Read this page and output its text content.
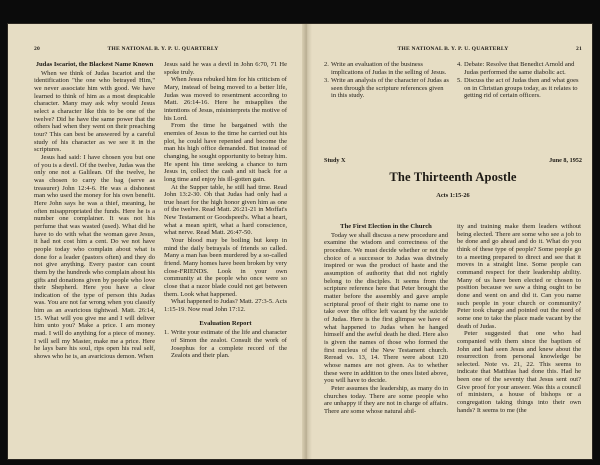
20	THE NATIONAL B. Y. P. U. QUARTERLY
Judas Iscariot, the Blackest Name Known

When we think of Judas Iscariot and the identification "the one who betrayed Him," we never associate him with good. We have learned to think of him as a most despicable character. Many may ask why would Jesus select a character like this to be one of the twelve? Did he have the same power that the others had when they went on their preaching tour? This can best be answered by a careful study of his character as we see it in the scriptures.

Jesus had said: I have chosen you but one of you is a devil. Of the twelve, Judas was the only one not a Galilean. Of the twelve, he was chosen to carry the bag (serve as treasurer) John 12:4-6. He was a dishonest man who used the money for his own benefit. Here John says he was a thief, meaning, he often misappropriated the funds. Here he is a number one complainer. It was not his perfume that was wasted (used). What did he have to do with what the woman gave Jesus, it had not cost him a cent. Do we not have people today who complain about what is done for a leader (pastors often) and they do not give anything. Every pastor can count them by the hundreds who complain about his gifts and donations given by people who love their Shepherd. Here you have a clear indication of the type of person this Judas was. You are not far wrong when you classify him as an avaricious tightwad. Matt. 26:14, 15. What will you give me and I will deliver him unto you? Make a price. I am money mad. I will do anything for a piece of money. I will sell my Master, make me a price. Here he lays bare his soul, rips open his real self, shows who he is, an avaricious demon. When

Jesus said he was a devil in John 6:70, 71 He spoke truly.

When Jesus rebuked him for his criticism of Mary, instead of being moved to a better life, Judas was moved to resentment according to Matt. 26:14-16. Here he misapplies the intentions of Jesus, misinterprets the motive of his Lord.

From the time he bargained with the enemies of Jesus to the time he carried out his plot, he could have repented and become the man his high office demanded. But instead of changing, he sought opportunity to betray him. He spent his time seeking a chance to turn Jesus in, collect the cash and sit back for a long time and enjoy his ill-gotten gain.

At the Supper table, he still had time. Read John 13:2-30. Oh that Judas had only had a true heart for the high honor given him as one of the twelve. Read Matt. 26:21-21 in Moffat's New Testament or Goodspeed's. What a heart, what a mean spirit, what a hard conscience, what nerve. Read Matt. 26:47-50.

Your blood may be boiling but keep in mind the daily betrayals of friends so called. Many a man has been murdered by a so-called friend. Many homes have been broken by very close-FRIENDS. Look in your own community at the people who once were so close that a razor blade could not get between them. Look what happened.

What happened to Judas? Matt. 27:3-5. Acts 1:15-19. Now read John 17:12.

Evaluation Report
1. Write your estimate of the life and character of Simon the zealot. Consult the work of Josephus for a complete record of the Zealots and their plan.
THE NATIONAL B. Y. P. U. QUARTERLY	21
2. Write an evaluation of the business implications of Judas in the selling of Jesus.
3. Write an analysis of the character of Judas as seen through the scripture references given in this study.
4. Debate: Resolve that Benedict Arnold and Judas performed the same diabolic act.
5. Discuss the act of Judas then and what goes on in Christian groups today, as it relates to getting rid of certain officers.
Study X	June 8, 1952
The Thirteenth Apostle
Acts 1:15-26
The First Election in the Church

Today we shall discuss a new procedure and examine the wisdom and correctness of the procedure. We must decide whether or not the choice of a successor to Judas was divinely inspired or was the product of haste and the assumption of authority that did not rightly belong to the disciples. It seems from the scripture reference here that Peter brought the matter before the assembly and gave ample scriptural proof of their right to name one to take over the office left vacant by the suicide of Judas. Here is the first glimpse we have of what happened to Judas when he hanged himself and the awful death he died. Here also is given the names of those who formed the first nucleus of the New Testament church. Reread vs. 13, 14. There were about 120 whose names are not given. As to whether these were in addition to the ones listed above, you will have to decide.

Peter assumes the leadership, as many do in churches today. There are some people who are unhappy if they are not in charge of affairs. There are some whose natural abil-

ity and training make them leaders without being elected. There are some who see a job to be done and go ahead and do it. What do you think of these type of people? Some people go to a meeting prepared to direct and see that it moves in a straight line. Some people can command respect for their leadership ability. Many of us have been elected or chosen to position because we saw a thing ought to be done and went on and did it. Can you name such people in your church or community? Peter took charge and pointed out the need of some one to take the place made vacant by the death of Judas.

Peter suggested that one who had companied with them since the baptism of John and had seen Jesus and knew about the resurrection from personal knowledge be selected. Note vs. 21, 22. This seems to indicate that Matthias had done this. Had he been one of the seventy that Jesus sent out? Give proof for your answer. Was this a council of ministers, a house of bishops or a congregation taking things into their own hands? It seems to me (the
